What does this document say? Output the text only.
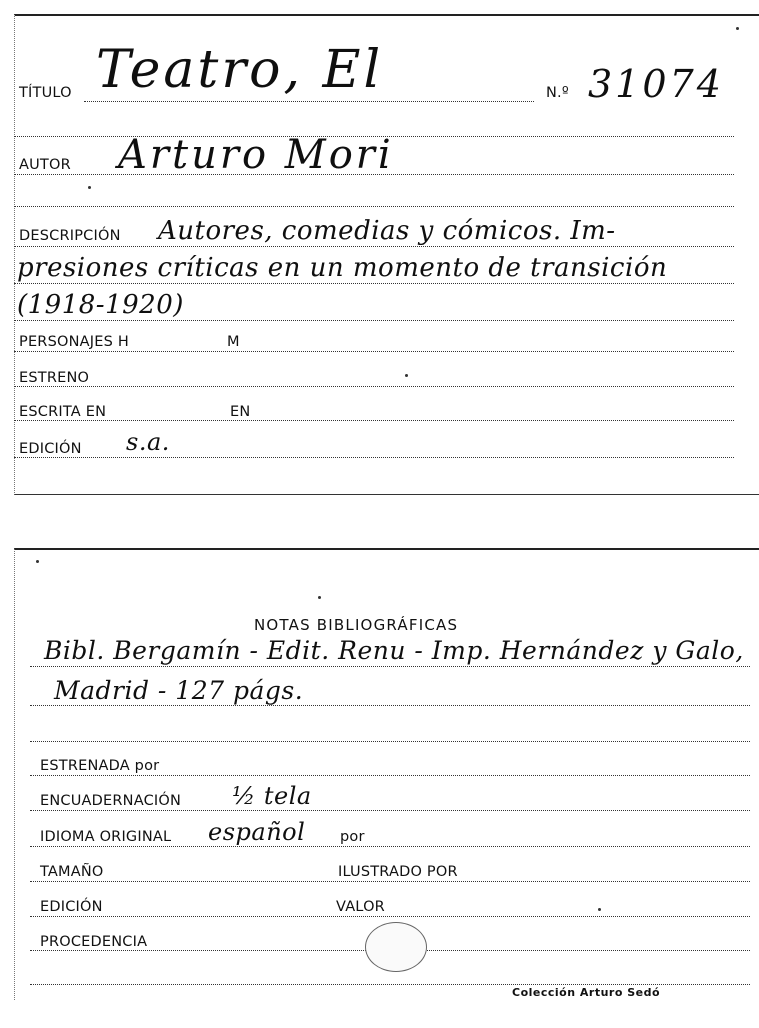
TÍTULO Teatro, El	N.º 31074
AUTOR Arturo Mori
DESCRIPCIÓN Autores, comedias y cómicos. Im-
presiones críticas en un momento de transición
(1918-1920)
PERSONAJES H	M
ESTRENO
ESCRITA EN	EN
EDICIÓN s.a.
NOTAS BIBLIOGRÁFICAS
Bibl. Bergamín - Edit. Renu - Imp. Hernández y Galo,
Madrid - 127 págs.
ESTRENADA por
ENCUADERNACIÓN ½ tela
IDIOMA ORIGINAL español por
TAMAÑO	ILUSTRADO POR
EDICIÓN	VALOR
PROCEDENCIA
Colección Arturo Sedó
